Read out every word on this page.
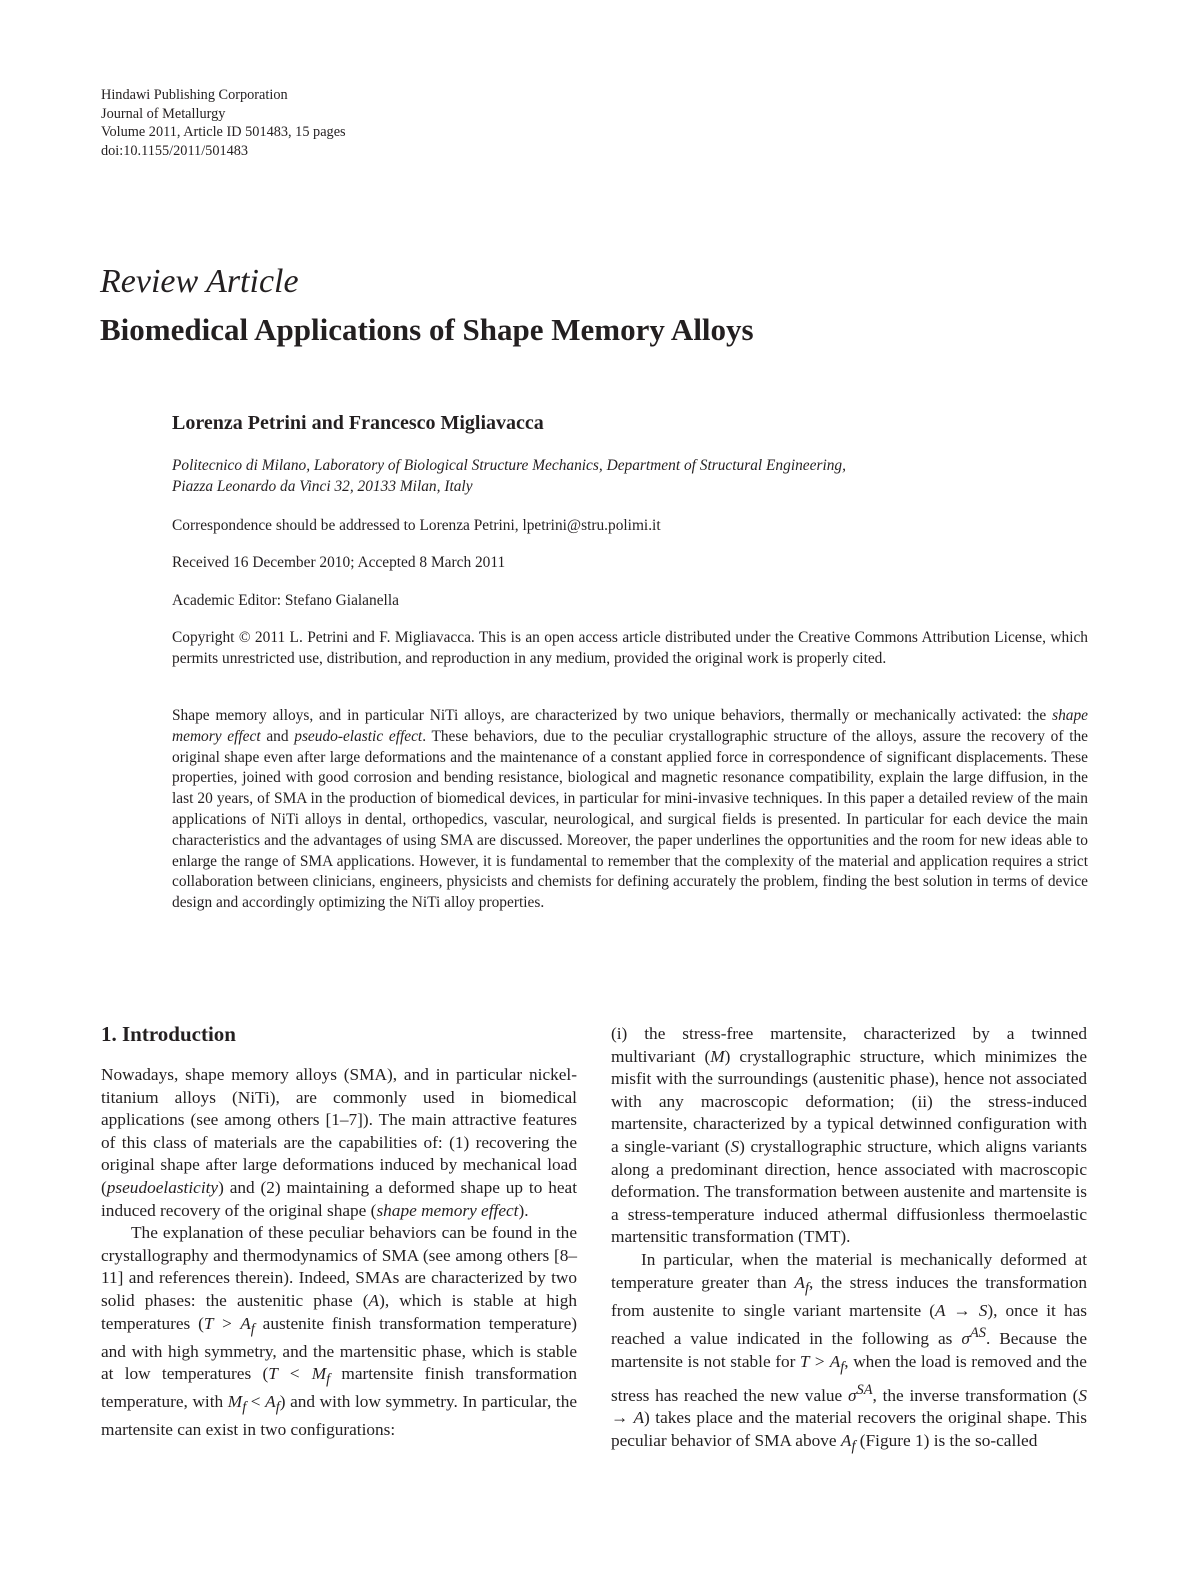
Hindawi Publishing Corporation
Journal of Metallurgy
Volume 2011, Article ID 501483, 15 pages
doi:10.1155/2011/501483
Review Article
Biomedical Applications of Shape Memory Alloys
Lorenza Petrini and Francesco Migliavacca
Politecnico di Milano, Laboratory of Biological Structure Mechanics, Department of Structural Engineering,
Piazza Leonardo da Vinci 32, 20133 Milan, Italy
Correspondence should be addressed to Lorenza Petrini, lpetrini@stru.polimi.it
Received 16 December 2010; Accepted 8 March 2011
Academic Editor: Stefano Gialanella
Copyright © 2011 L. Petrini and F. Migliavacca. This is an open access article distributed under the Creative Commons Attribution License, which permits unrestricted use, distribution, and reproduction in any medium, provided the original work is properly cited.
Shape memory alloys, and in particular NiTi alloys, are characterized by two unique behaviors, thermally or mechanically activated: the shape memory effect and pseudo-elastic effect. These behaviors, due to the peculiar crystallographic structure of the alloys, assure the recovery of the original shape even after large deformations and the maintenance of a constant applied force in correspondence of significant displacements. These properties, joined with good corrosion and bending resistance, biological and magnetic resonance compatibility, explain the large diffusion, in the last 20 years, of SMA in the production of biomedical devices, in particular for mini-invasive techniques. In this paper a detailed review of the main applications of NiTi alloys in dental, orthopedics, vascular, neurological, and surgical fields is presented. In particular for each device the main characteristics and the advantages of using SMA are discussed. Moreover, the paper underlines the opportunities and the room for new ideas able to enlarge the range of SMA applications. However, it is fundamental to remember that the complexity of the material and application requires a strict collaboration between clinicians, engineers, physicists and chemists for defining accurately the problem, finding the best solution in terms of device design and accordingly optimizing the NiTi alloy properties.
1. Introduction

Nowadays, shape memory alloys (SMA), and in particular nickel-titanium alloys (NiTi), are commonly used in biomedical applications (see among others [1–7]). The main attractive features of this class of materials are the capabilities of: (1) recovering the original shape after large deformations induced by mechanical load (pseudoelasticity) and (2) maintaining a deformed shape up to heat induced recovery of the original shape (shape memory effect).

The explanation of these peculiar behaviors can be found in the crystallography and thermodynamics of SMA (see among others [8–11] and references therein). Indeed, SMAs are characterized by two solid phases: the austenitic phase (A), which is stable at high temperatures ($T > A_f$ austenite finish transformation temperature) and with high symmetry, and the martensitic phase, which is stable at low temperatures ($T < M_f$ martensite finish transformation temperature, with $M_f < A_f$) and with low symmetry. In particular, the martensite can exist in two configurations:

(i) the stress-free martensite, characterized by a twinned multivariant (M) crystallographic structure, which minimizes the misfit with the surroundings (austenitic phase), hence not associated with any macroscopic deformation; (ii) the stress-induced martensite, characterized by a typical detwinned configuration with a single-variant (S) crystallographic structure, which aligns variants along a predominant direction, hence associated with macroscopic deformation. The transformation between austenite and martensite is a stress-temperature induced athermal diffusionless thermoelastic martensitic transformation (TMT).

In particular, when the material is mechanically deformed at temperature greater than $A_f$, the stress induces the transformation from austenite to single variant martensite (A → S), once it has reached a value indicated in the following as $\sigma^{AS}$. Because the martensite is not stable for $T > A_f$, when the load is removed and the stress has reached the new value $\sigma^{SA}$, the inverse transformation (S → A) takes place and the material recovers the original shape. This peculiar behavior of SMA above $A_f$ (Figure 1) is the so-called
